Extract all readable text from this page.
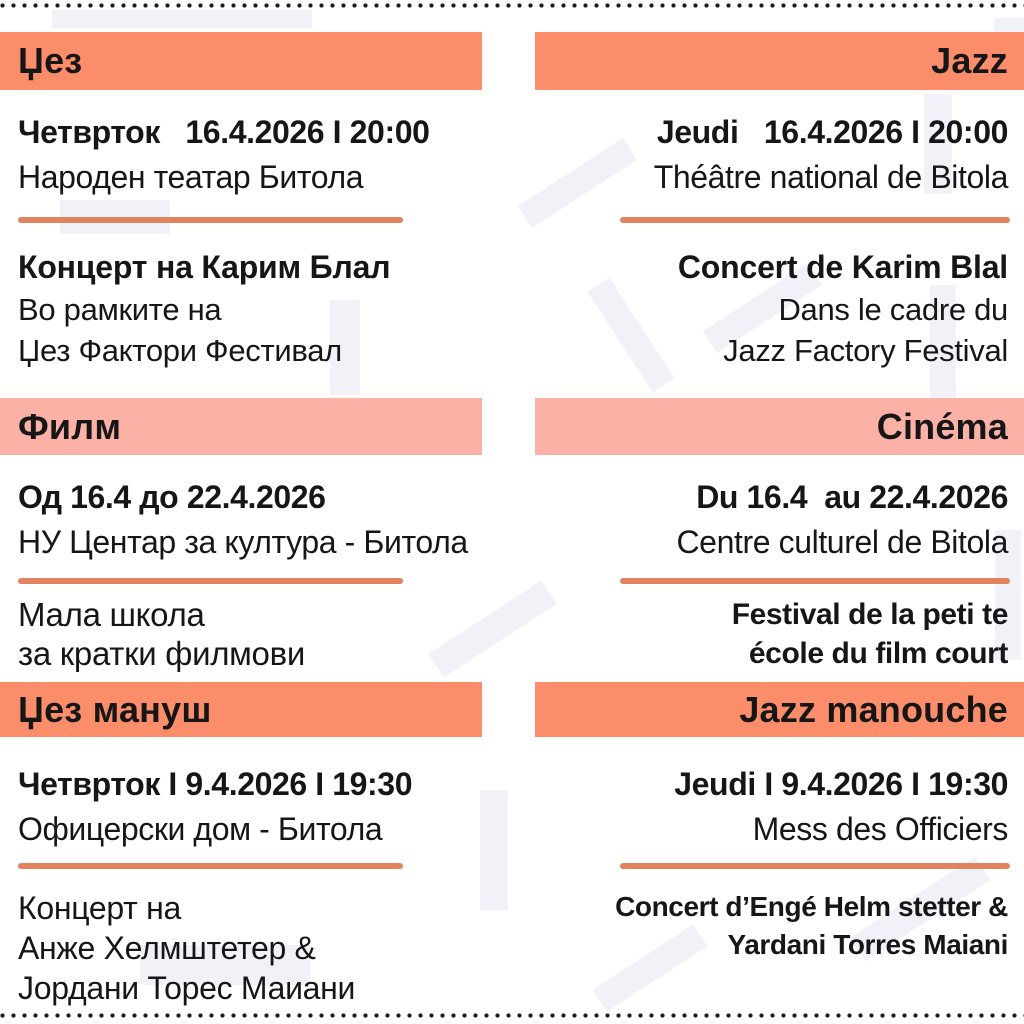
Џез	Jazz
Четврток   16.4.2026 I 20:00
Народен театар Битола
Jeudi   16.4.2026 I 20:00
Théâtre national de Bitola
Концерт на Карим Блал
Во рамките на
Џез Фактори Фестивал
Concert de Karim Blal
Dans le cadre du
Jazz Factory Festival
Филм	Cinéma
Од 16.4 до 22.4.2026
НУ Центар за култура - Битола
Du 16.4  au 22.4.2026
Centre culturel de Bitola
Мала школа
за кратки филмови
Festival de la peti te
école du film court
Џез мануш	Jazz manouche
Четврток I 9.4.2026 I 19:30
Офицерски дом - Битола
Jeudi I 9.4.2026 I 19:30
Mess des Officiers
Концерт на
Анже Хелмштетер &
Јордани Торес Маиани
Concert d’Engé Helm stetter &
Yardani Torres Maiani
